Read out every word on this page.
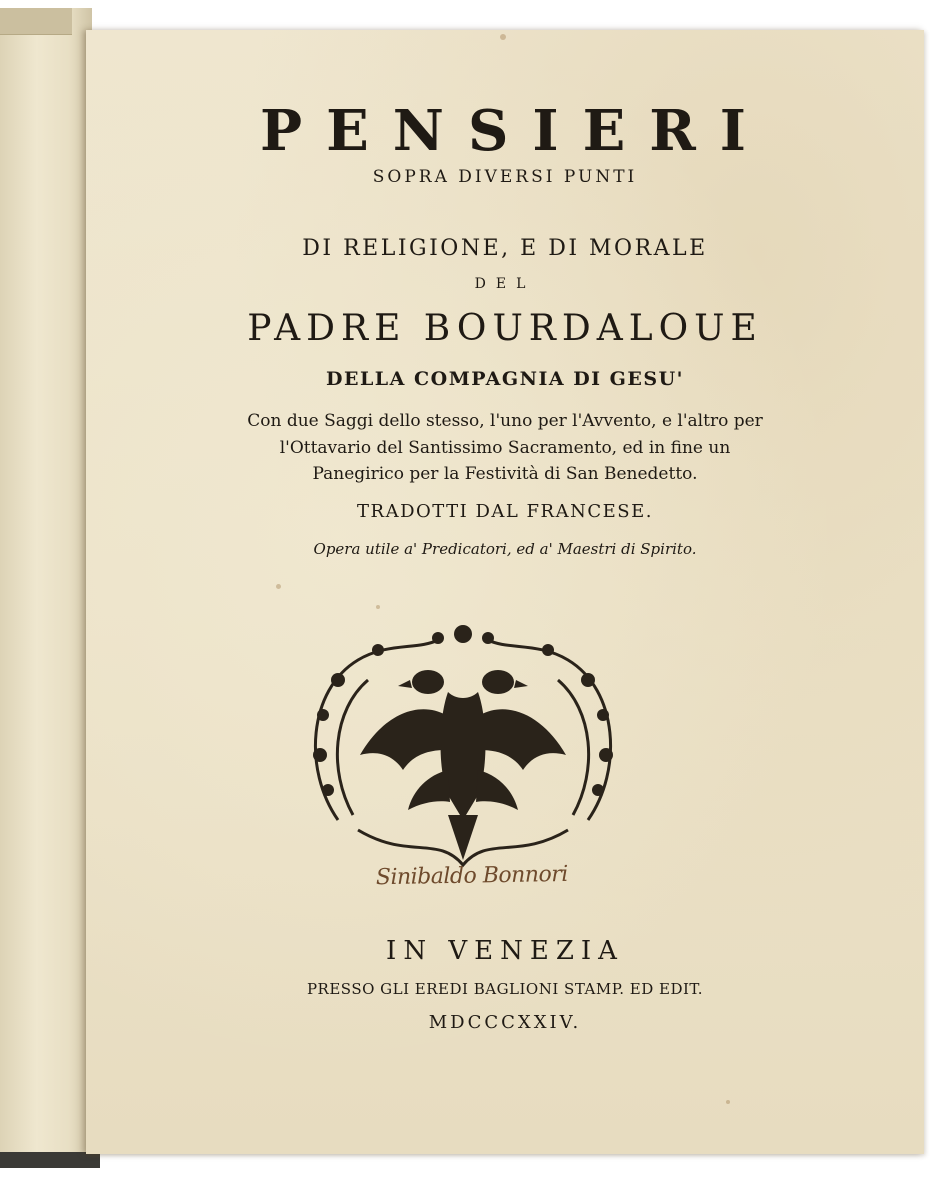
PENSIERI
SOPRA DIVERSI PUNTI
DI RELIGIONE, E DI MORALE
DEL
PADRE BOURDALOUE
DELLA COMPAGNIA DI GESU'
Con due Saggi dello stesso, l'uno per l'Avvento, e l'altro per
l'Ottavario del Santissimo Sacramento, ed in fine un
Panegirico per la Festività di San Benedetto.
TRADOTTI DAL FRANCESE.
Opera utile a' Predicatori, ed a' Maestri di Spirito.
Sinibaldo Bonnori
IN VENEZIA
PRESSO GLI EREDI BAGLIONI STAMP. ED EDIT.
MDCCCXXIV.
